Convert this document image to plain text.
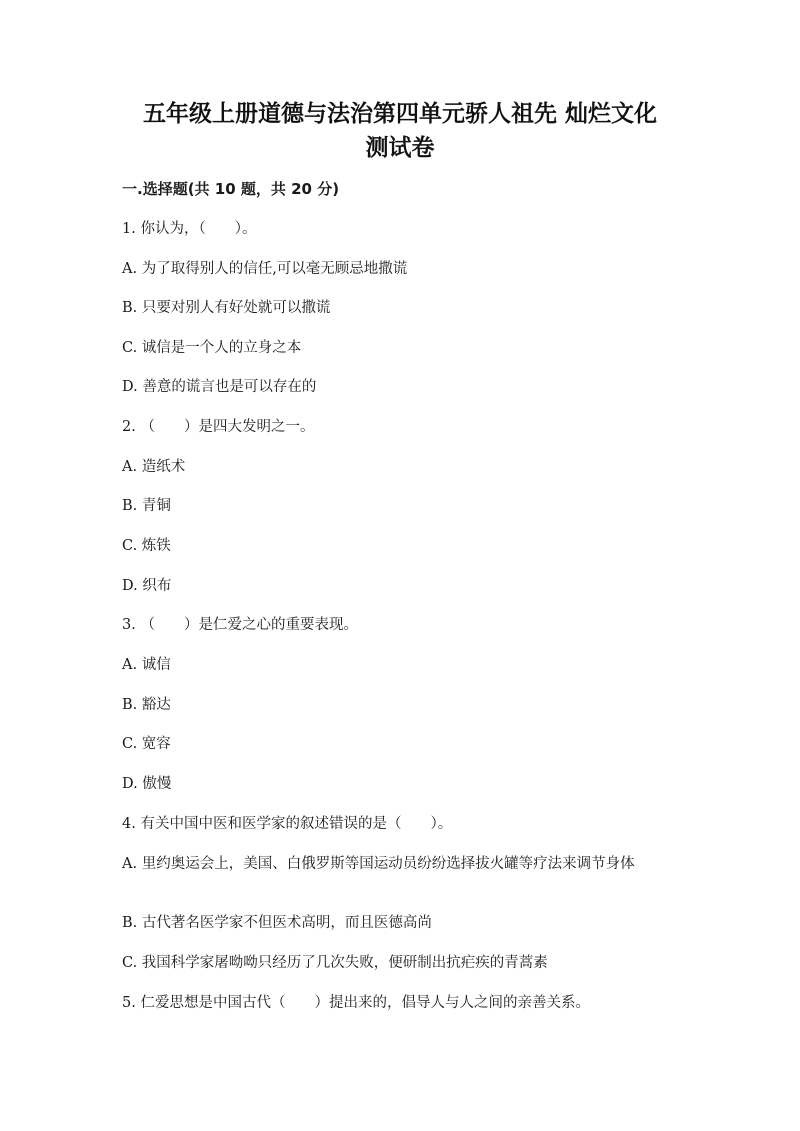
五年级上册道德与法治第四单元骄人祖先 灿烂文化
测试卷
一.选择题(共 10 题，共 20 分)
1. 你认为，（　　）。
A. 为了取得别人的信任,可以毫无顾忌地撒谎
B. 只要对别人有好处就可以撒谎
C. 诚信是一个人的立身之本
D. 善意的谎言也是可以存在的
2. （　　）是四大发明之一。
A. 造纸术
B. 青铜
C. 炼铁
D. 织布
3. （　　）是仁爱之心的重要表现。
A. 诚信
B. 豁达
C. 宽容
D. 傲慢
4. 有关中国中医和医学家的叙述错误的是（　　）。
A. 里约奥运会上，美国、白俄罗斯等国运动员纷纷选择拔火罐等疗法来调节身体
B. 古代著名医学家不但医术高明，而且医德高尚
C. 我国科学家屠呦呦只经历了几次失败，便研制出抗疟疾的青蒿素
5. 仁爱思想是中国古代（　　）提出来的，倡导人与人之间的亲善关系。
